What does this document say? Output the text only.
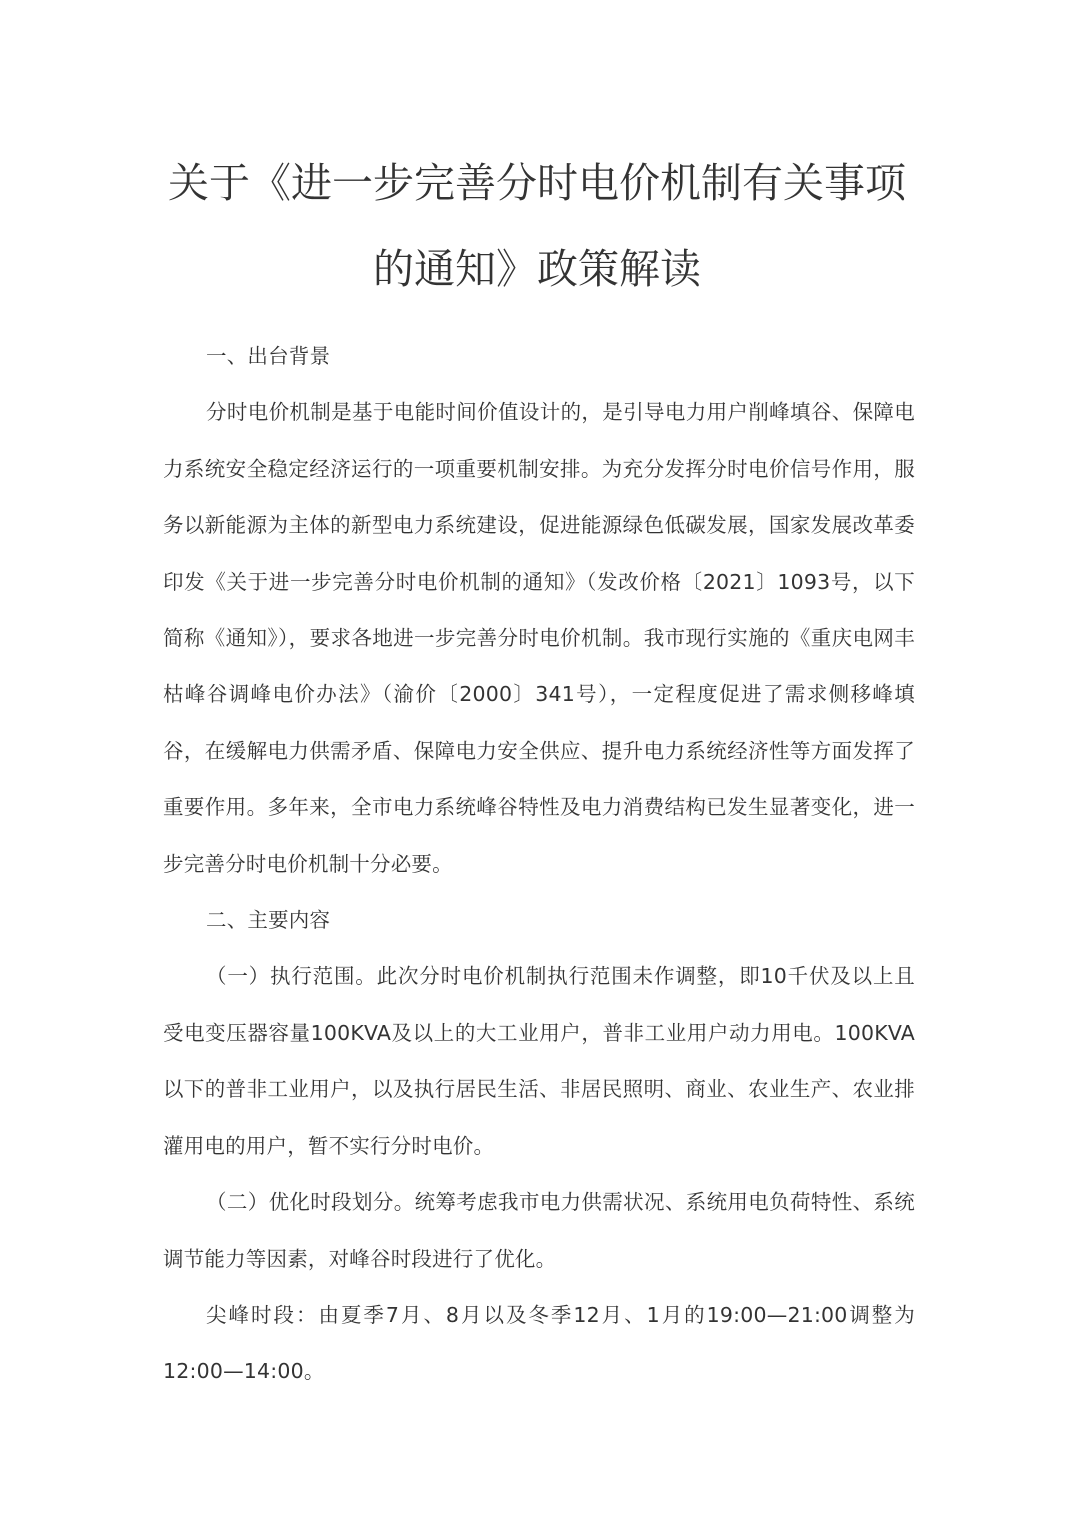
关于《进一步完善分时电价机制有关事项的通知》政策解读

一、出台背景

分时电价机制是基于电能时间价值设计的，是引导电力用户削峰填谷、保障电力系统安全稳定经济运行的一项重要机制安排。为充分发挥分时电价信号作用，服务以新能源为主体的新型电力系统建设，促进能源绿色低碳发展，国家发展改革委印发《关于进一步完善分时电价机制的通知》（发改价格〔2021〕1093号，以下简称《通知》），要求各地进一步完善分时电价机制。我市现行实施的《重庆电网丰枯峰谷调峰电价办法》（渝价〔2000〕341号），一定程度促进了需求侧移峰填谷，在缓解电力供需矛盾、保障电力安全供应、提升电力系统经济性等方面发挥了重要作用。多年来，全市电力系统峰谷特性及电力消费结构已发生显著变化，进一步完善分时电价机制十分必要。

二、主要内容

（一）执行范围。此次分时电价机制执行范围未作调整，即10千伏及以上且受电变压器容量100KVA及以上的大工业用户，普非工业用户动力用电。100KVA以下的普非工业用户，以及执行居民生活、非居民照明、商业、农业生产、农业排灌用电的用户，暂不实行分时电价。

（二）优化时段划分。统筹考虑我市电力供需状况、系统用电负荷特性、系统调节能力等因素，对峰谷时段进行了优化。

尖峰时段：由夏季7月、8月以及冬季12月、1月的19:00—21:00调整为12:00—14:00。
